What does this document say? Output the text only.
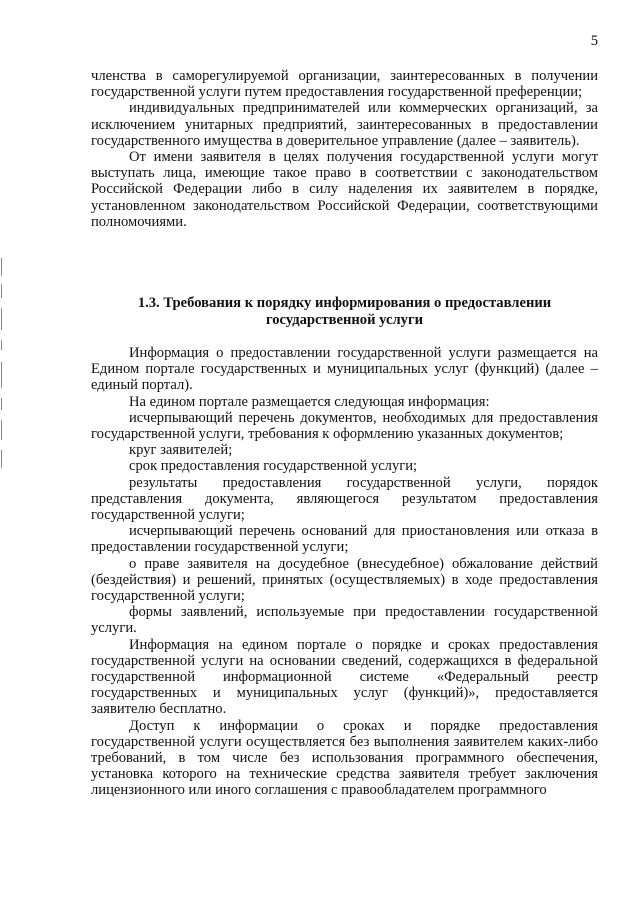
5

членства в саморегулируемой организации, заинтересованных в получении государственной услуги путем предоставления государственной преференции;

индивидуальных предпринимателей или коммерческих организаций, за исключением унитарных предприятий, заинтересованных в предоставлении государственного имущества в доверительное управление (далее – заявитель).

От имени заявителя в целях получения государственной услуги могут выступать лица, имеющие такое право в соответствии с законодательством Российской Федерации либо в силу наделения их заявителем в порядке, установленном законодательством Российской Федерации, соответствующими полномочиями.

1.3. Требования к порядку информирования о предоставлении

государственной услуги

Информация о предоставлении государственной услуги размещается на Едином портале государственных и муниципальных услуг (функций) (далее – единый портал).

На едином портале размещается следующая информация:

исчерпывающий перечень документов, необходимых для предоставления государственной услуги, требования к оформлению указанных документов;

круг заявителей;

срок предоставления государственной услуги;

результаты предоставления государственной услуги, порядок представления документа, являющегося результатом предоставления государственной услуги;

исчерпывающий перечень оснований для приостановления или отказа в предоставлении государственной услуги;

о праве заявителя на досудебное (внесудебное) обжалование действий (бездействия) и решений, принятых (осуществляемых) в ходе предоставления государственной услуги;

формы заявлений, используемые при предоставлении государственной услуги.

Информация на едином портале о порядке и сроках предоставления государственной услуги на основании сведений, содержащихся в федеральной государственной информационной системе «Федеральный реестр государственных и муниципальных услуг (функций)», предоставляется заявителю бесплатно.

Доступ к информации о сроках и порядке предоставления государственной услуги осуществляется без выполнения заявителем каких-либо требований, в том числе без использования программного обеспечения, установка которого на технические средства заявителя требует заключения лицензионного или иного соглашения с правообладателем программного
